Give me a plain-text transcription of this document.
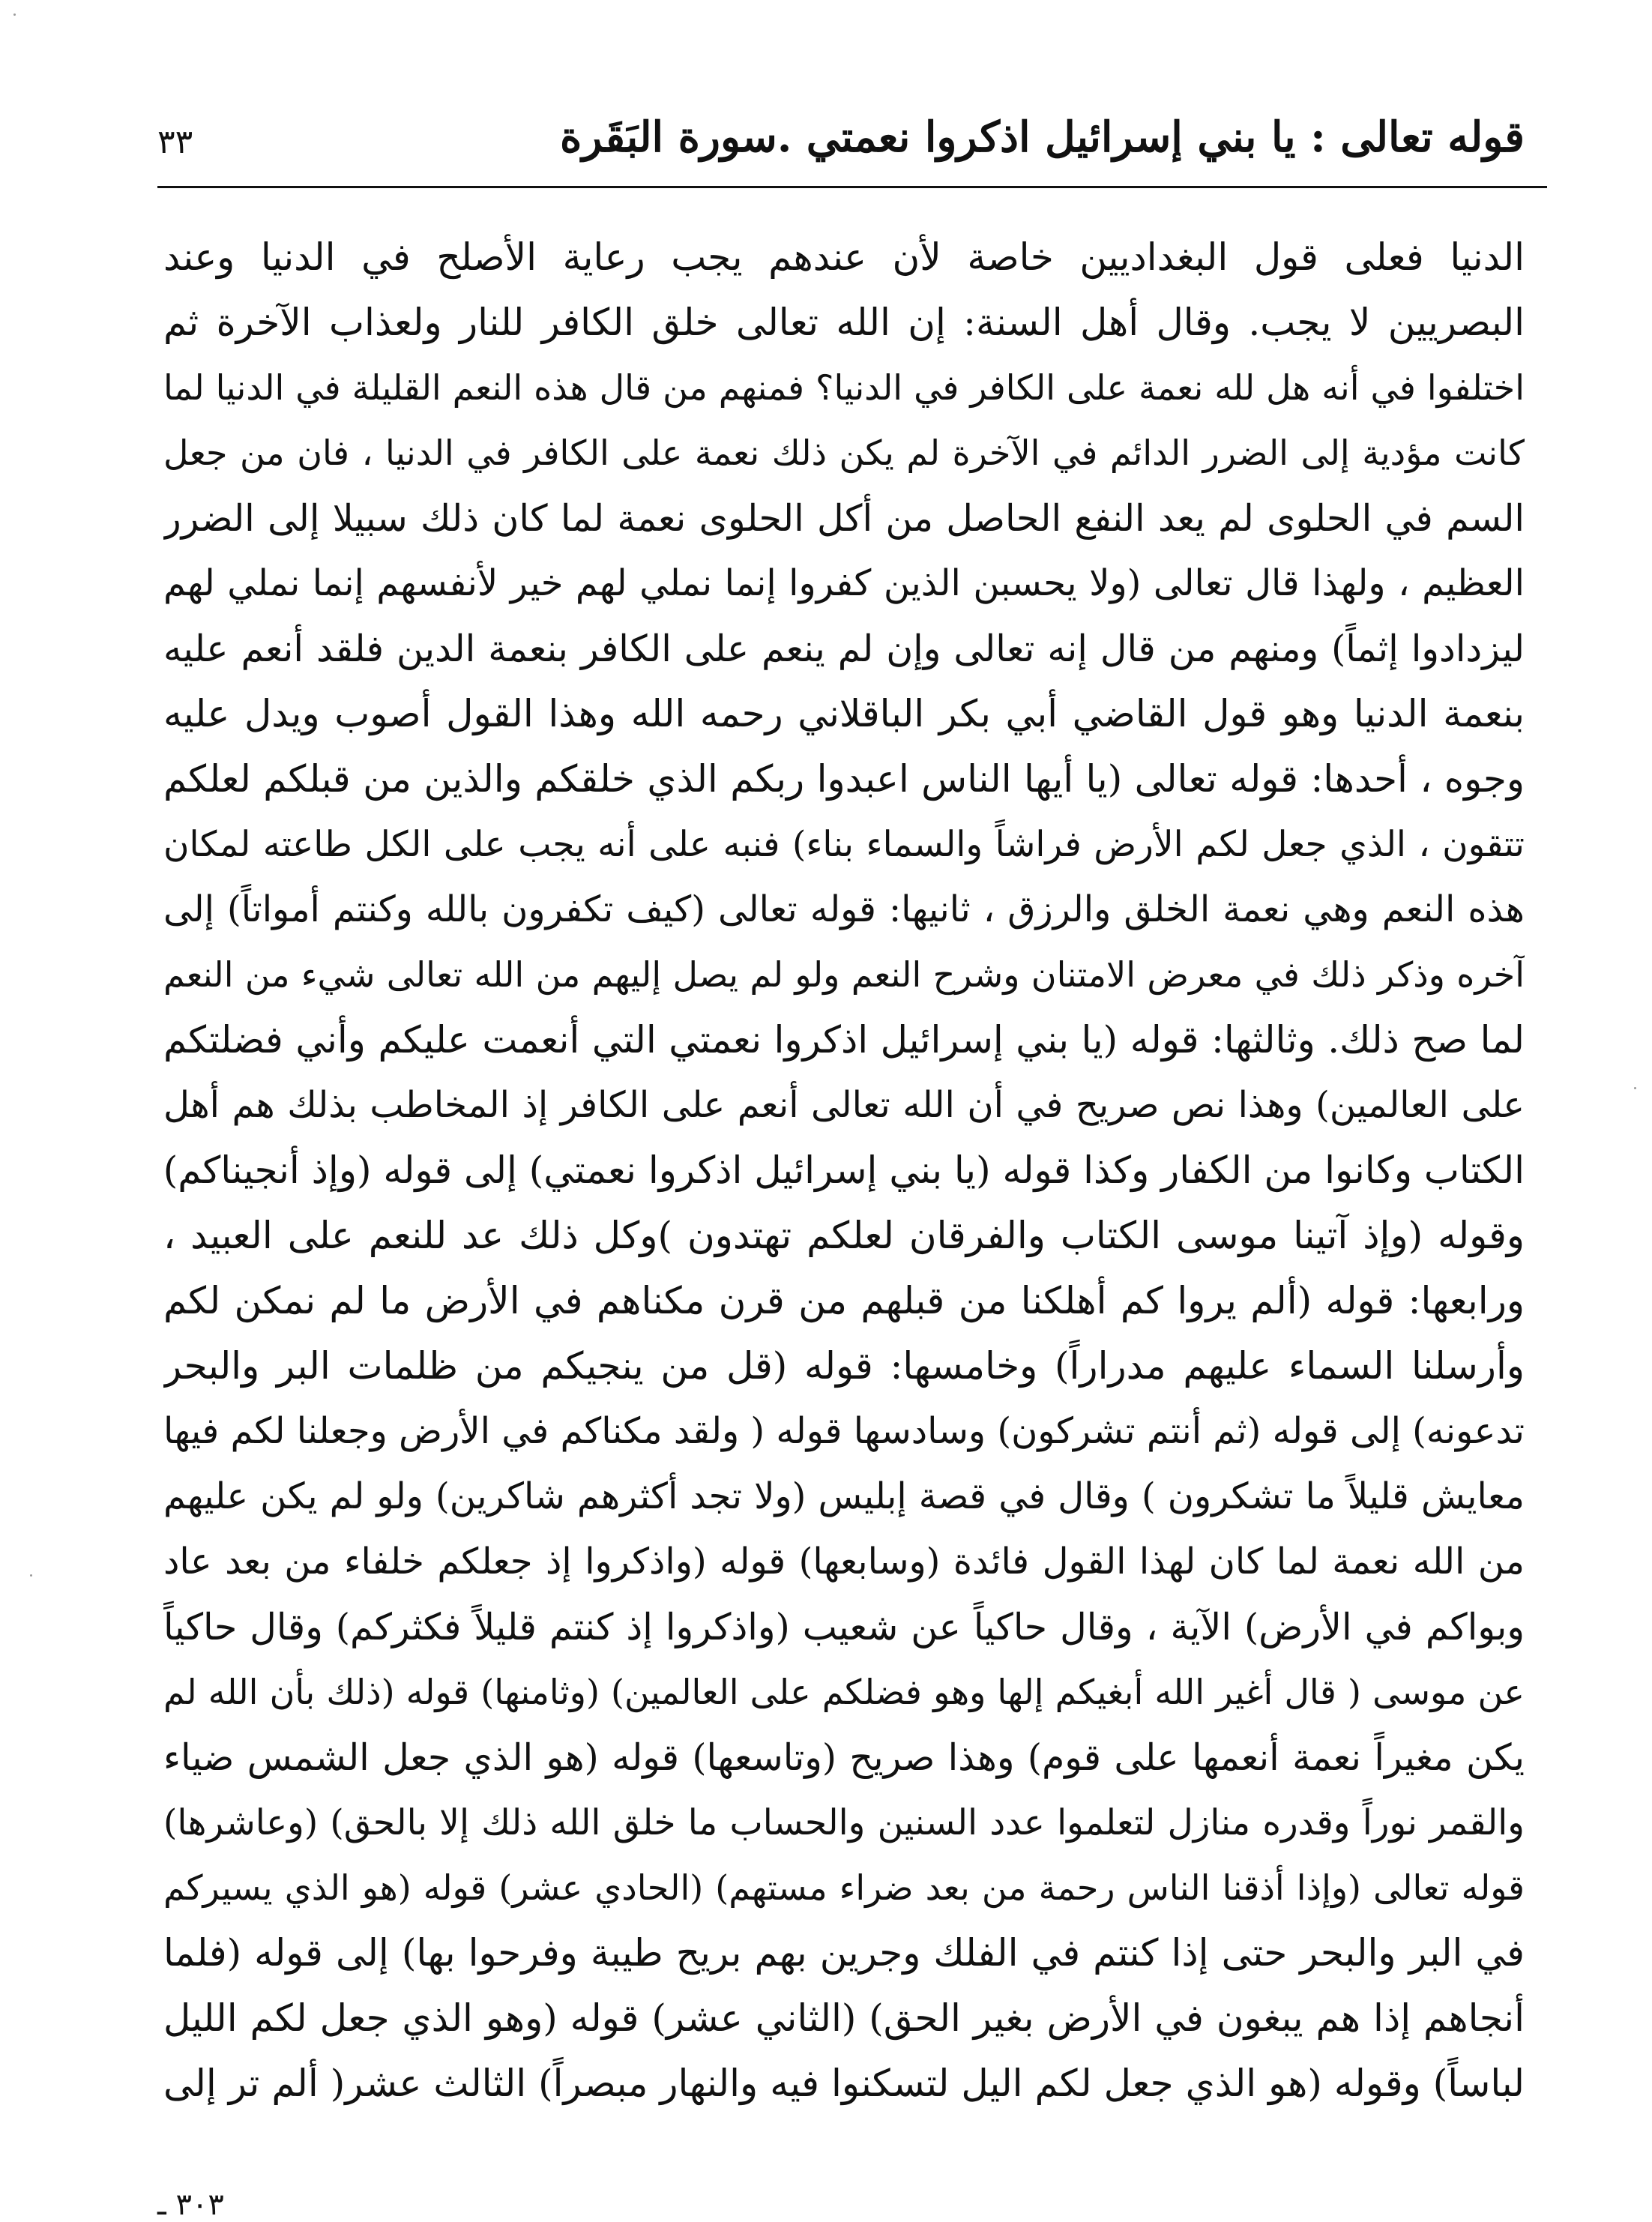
قوله تعالى : يا بني إسرائيل اذكروا نعمتي .سورة البَقَرة
٣٣
الدنيا فعلى قول البغداديين خاصة لأن عندهم يجب رعاية الأصلح في الدنيا وعند
البصريين لا يجب. وقال أهل السنة: إن الله تعالى خلق الكافر للنار ولعذاب الآخرة ثم
اختلفوا في أنه هل لله نعمة على الكافر في الدنيا؟ فمنهم من قال هذه النعم القليلة في الدنيا لما
كانت مؤدية إلى الضرر الدائم في الآخرة لم يكن ذلك نعمة على الكافر في الدنيا ، فان من جعل
السم في الحلوى لم يعد النفع الحاصل من أكل الحلوى نعمة لما كان ذلك سبيلا إلى الضرر
العظيم ، ولهذا قال تعالى (ولا يحسبن الذين كفروا إنما نملي لهم خير لأنفسهم إنما نملي لهم
ليزدادوا إثماً) ومنهم من قال إنه تعالى وإن لم ينعم على الكافر بنعمة الدين فلقد أنعم عليه
بنعمة الدنيا وهو قول القاضي أبي بكر الباقلاني رحمه الله وهذا القول أصوب ويدل عليه
وجوه ، أحدها: قوله تعالى (يا أيها الناس اعبدوا ربكم الذي خلقكم والذين من قبلكم لعلكم
تتقون ، الذي جعل لكم الأرض فراشاً والسماء بناء) فنبه على أنه يجب على الكل طاعته لمكان
هذه النعم وهي نعمة الخلق والرزق ، ثانيها: قوله تعالى (كيف تكفرون بالله وكنتم أمواتاً) إلى
آخره وذكر ذلك في معرض الامتنان وشرح النعم ولو لم يصل إليهم من الله تعالى شيء من النعم
لما صح ذلك. وثالثها: قوله (يا بني إسرائيل اذكروا نعمتي التي أنعمت عليكم وأني فضلتكم
على العالمين) وهذا نص صريح في أن الله تعالى أنعم على الكافر إذ المخاطب بذلك هم أهل
الكتاب وكانوا من الكفار وكذا قوله (يا بني إسرائيل اذكروا نعمتي) إلى قوله (وإذ أنجيناكم)
وقوله (وإذ آتينا موسى الكتاب والفرقان لعلكم تهتدون )وكل ذلك عد للنعم على العبيد ،
ورابعها: قوله (ألم يروا كم أهلكنا من قبلهم من قرن مكناهم في الأرض ما لم نمكن لكم
وأرسلنا السماء عليهم مدراراً) وخامسها: قوله (قل من ينجيكم من ظلمات البر والبحر
تدعونه) إلى قوله (ثم أنتم تشركون) وسادسها قوله ( ولقد مكناكم في الأرض وجعلنا لكم فيها
معايش قليلاً ما تشكرون ) وقال في قصة إبليس (ولا تجد أكثرهم شاكرين) ولو لم يكن عليهم
من الله نعمة لما كان لهذا القول فائدة (وسابعها) قوله (واذكروا إذ جعلكم خلفاء من بعد عاد
وبواكم في الأرض) الآية ، وقال حاكياً عن شعيب (واذكروا إذ كنتم قليلاً فكثركم) وقال حاكياً
عن موسى ( قال أغير الله أبغيكم إلها وهو فضلكم على العالمين) (وثامنها) قوله (ذلك بأن الله لم
يكن مغيراً نعمة أنعمها على قوم) وهذا صريح (وتاسعها) قوله (هو الذي جعل الشمس ضياء
والقمر نوراً وقدره منازل لتعلموا عدد السنين والحساب ما خلق الله ذلك إلا بالحق) (وعاشرها)
قوله تعالى (وإذا أذقنا الناس رحمة من بعد ضراء مستهم) (الحادي عشر) قوله (هو الذي يسيركم
في البر والبحر حتى إذا كنتم في الفلك وجرين بهم بريح طيبة وفرحوا بها) إلى قوله (فلما
أنجاهم إذا هم يبغون في الأرض بغير الحق) (الثاني عشر) قوله (وهو الذي جعل لكم الليل
لباساً) وقوله (هو الذي جعل لكم اليل لتسكنوا فيه والنهار مبصراً) الثالث عشر( ألم تر إلى
٣٠٣ ـ
